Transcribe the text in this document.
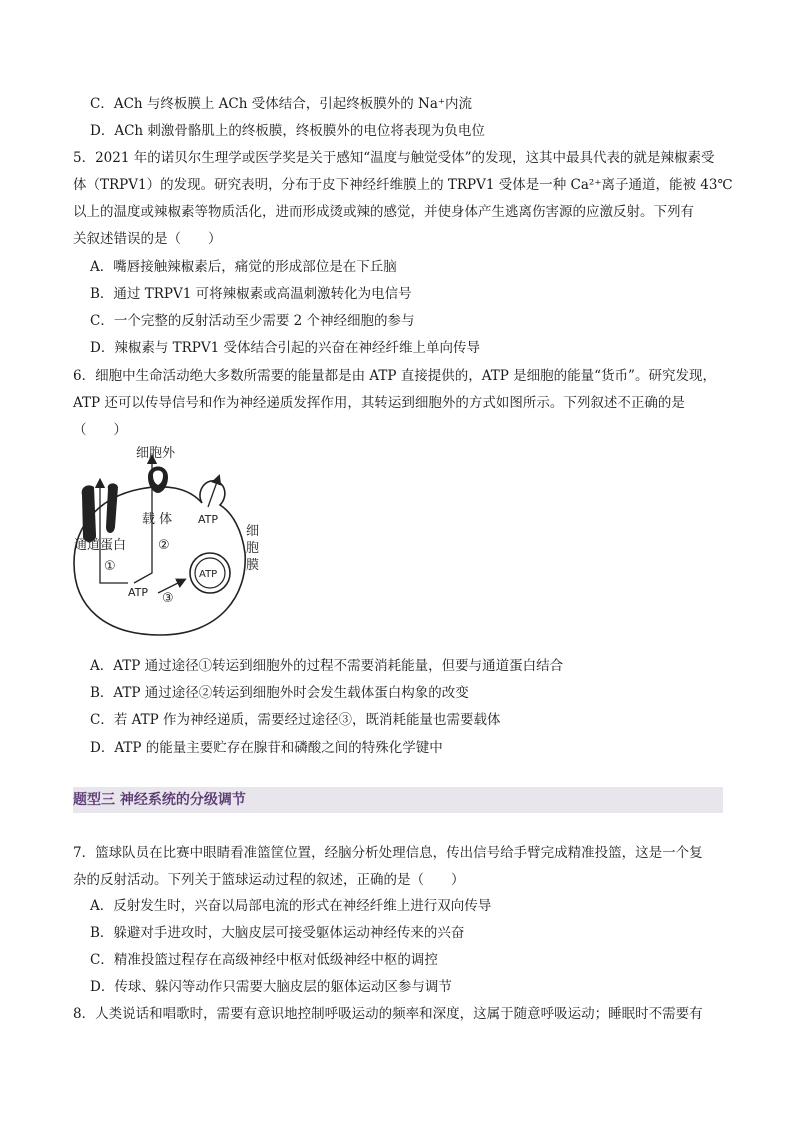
C．ACh 与终板膜上 ACh 受体结合，引起终板膜外的 Na⁺内流
D．ACh 刺激骨骼肌上的终板膜，终板膜外的电位将表现为负电位
5．2021 年的诺贝尔生理学或医学奖是关于感知“温度与触觉受体”的发现，这其中最具代表的就是辣椒素受
体（TRPV1）的发现。研究表明，分布于皮下神经纤维膜上的 TRPV1 受体是一种 Ca²⁺离子通道，能被 43℃
以上的温度或辣椒素等物质活化，进而形成烫或辣的感觉，并使身体产生逃离伤害源的应激反射。下列有
关叙述错误的是（　　）
A．嘴唇接触辣椒素后，痛觉的形成部位是在下丘脑
B．通过 TRPV1 可将辣椒素或高温刺激转化为电信号
C．一个完整的反射活动至少需要 2 个神经细胞的参与
D．辣椒素与 TRPV1 受体结合引起的兴奋在神经纤维上单向传导
6．细胞中生命活动绝大多数所需要的能量都是由 ATP 直接提供的，ATP 是细胞的能量“货币”。研究发现，
ATP 还可以传导信号和作为神经递质发挥作用，其转运到细胞外的方式如图所示。下列叙述不正确的是
（　　）
细胞外
载 体
通道蛋白
ATP
ATP
ATP
①
②
③
细
胞
膜
A．ATP 通过途径①转运到细胞外的过程不需要消耗能量，但要与通道蛋白结合
B．ATP 通过途径②转运到细胞外时会发生载体蛋白构象的改变
C．若 ATP 作为神经递质，需要经过途径③，既消耗能量也需要载体
D．ATP 的能量主要贮存在腺苷和磷酸之间的特殊化学键中
题型三 神经系统的分级调节
7．篮球队员在比赛中眼睛看准篮筐位置，经脑分析处理信息，传出信号给手臂完成精准投篮，这是一个复
杂的反射活动。下列关于篮球运动过程的叙述，正确的是（　　）
A．反射发生时，兴奋以局部电流的形式在神经纤维上进行双向传导
B．躲避对手进攻时，大脑皮层可接受躯体运动神经传来的兴奋
C．精准投篮过程存在高级神经中枢对低级神经中枢的调控
D．传球、躲闪等动作只需要大脑皮层的躯体运动区参与调节
8．人类说话和唱歌时，需要有意识地控制呼吸运动的频率和深度，这属于随意呼吸运动；睡眠时不需要有
